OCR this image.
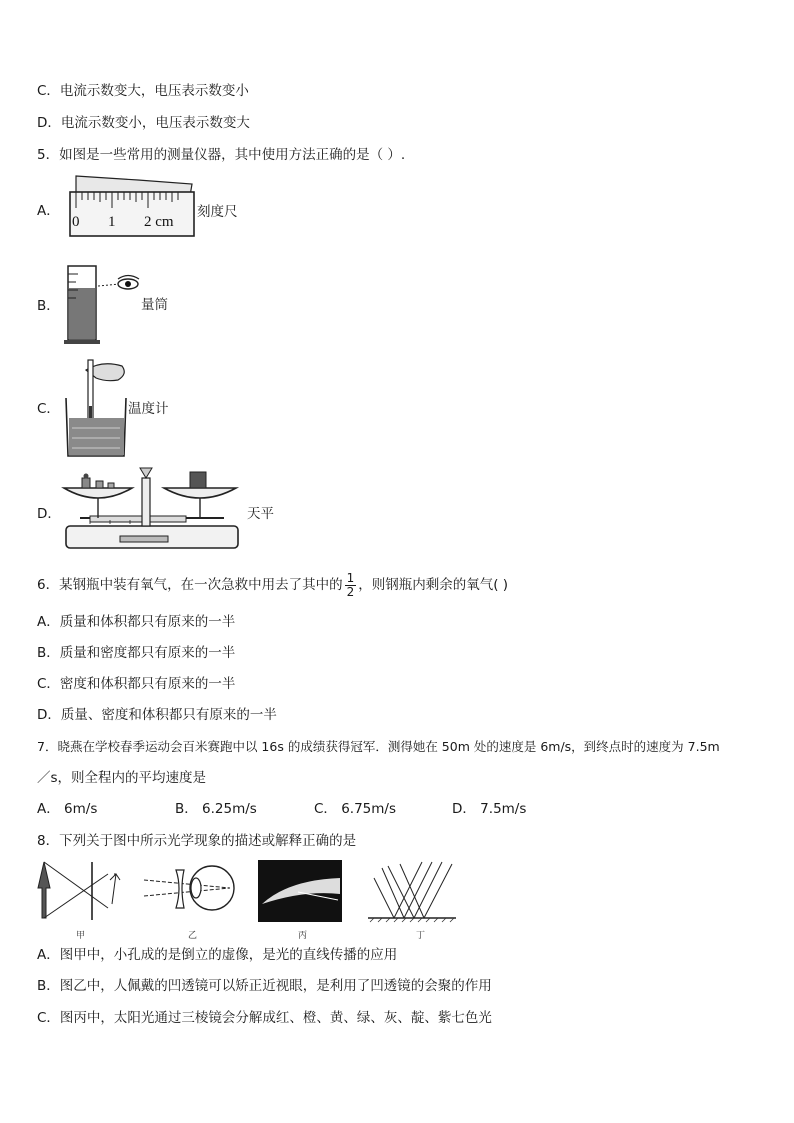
C．电流示数变大，电压表示数变小
D．电流示数变小，电压表示数变大
5．如图是一些常用的测量仪器，其中使用方法正确的是（ ）.
A．
0 1 2 cm
刻度尺
B．	量筒
C．	温度计
D．	天平
6．某钢瓶中装有氧气，在一次急救中用去了其中的 $\frac{1}{2}$ ，则钢瓶内剩余的氧气( )
A．质量和体积都只有原来的一半
B．质量和密度都只有原来的一半
C．密度和体积都只有原来的一半
D．质量、密度和体积都只有原来的一半
7．晓燕在学校春季运动会百米赛跑中以 16s 的成绩获得冠军．测得她在 50m 处的速度是 6m/s，到终点时的速度为 7.5m
／s，则全程内的平均速度是
A． 6m/s	B． 6.25m/s	C． 6.75m/s	D． 7.5m/s
8．下列关于图中所示光学现象的描述或解释正确的是
甲	乙	丙	丁
A．图甲中，小孔成的是倒立的虚像，是光的直线传播的应用
B．图乙中，人佩戴的凹透镜可以矫正近视眼，是利用了凹透镜的会聚的作用
C．图丙中，太阳光通过三棱镜会分解成红、橙、黄、绿、灰、靛、紫七色光
